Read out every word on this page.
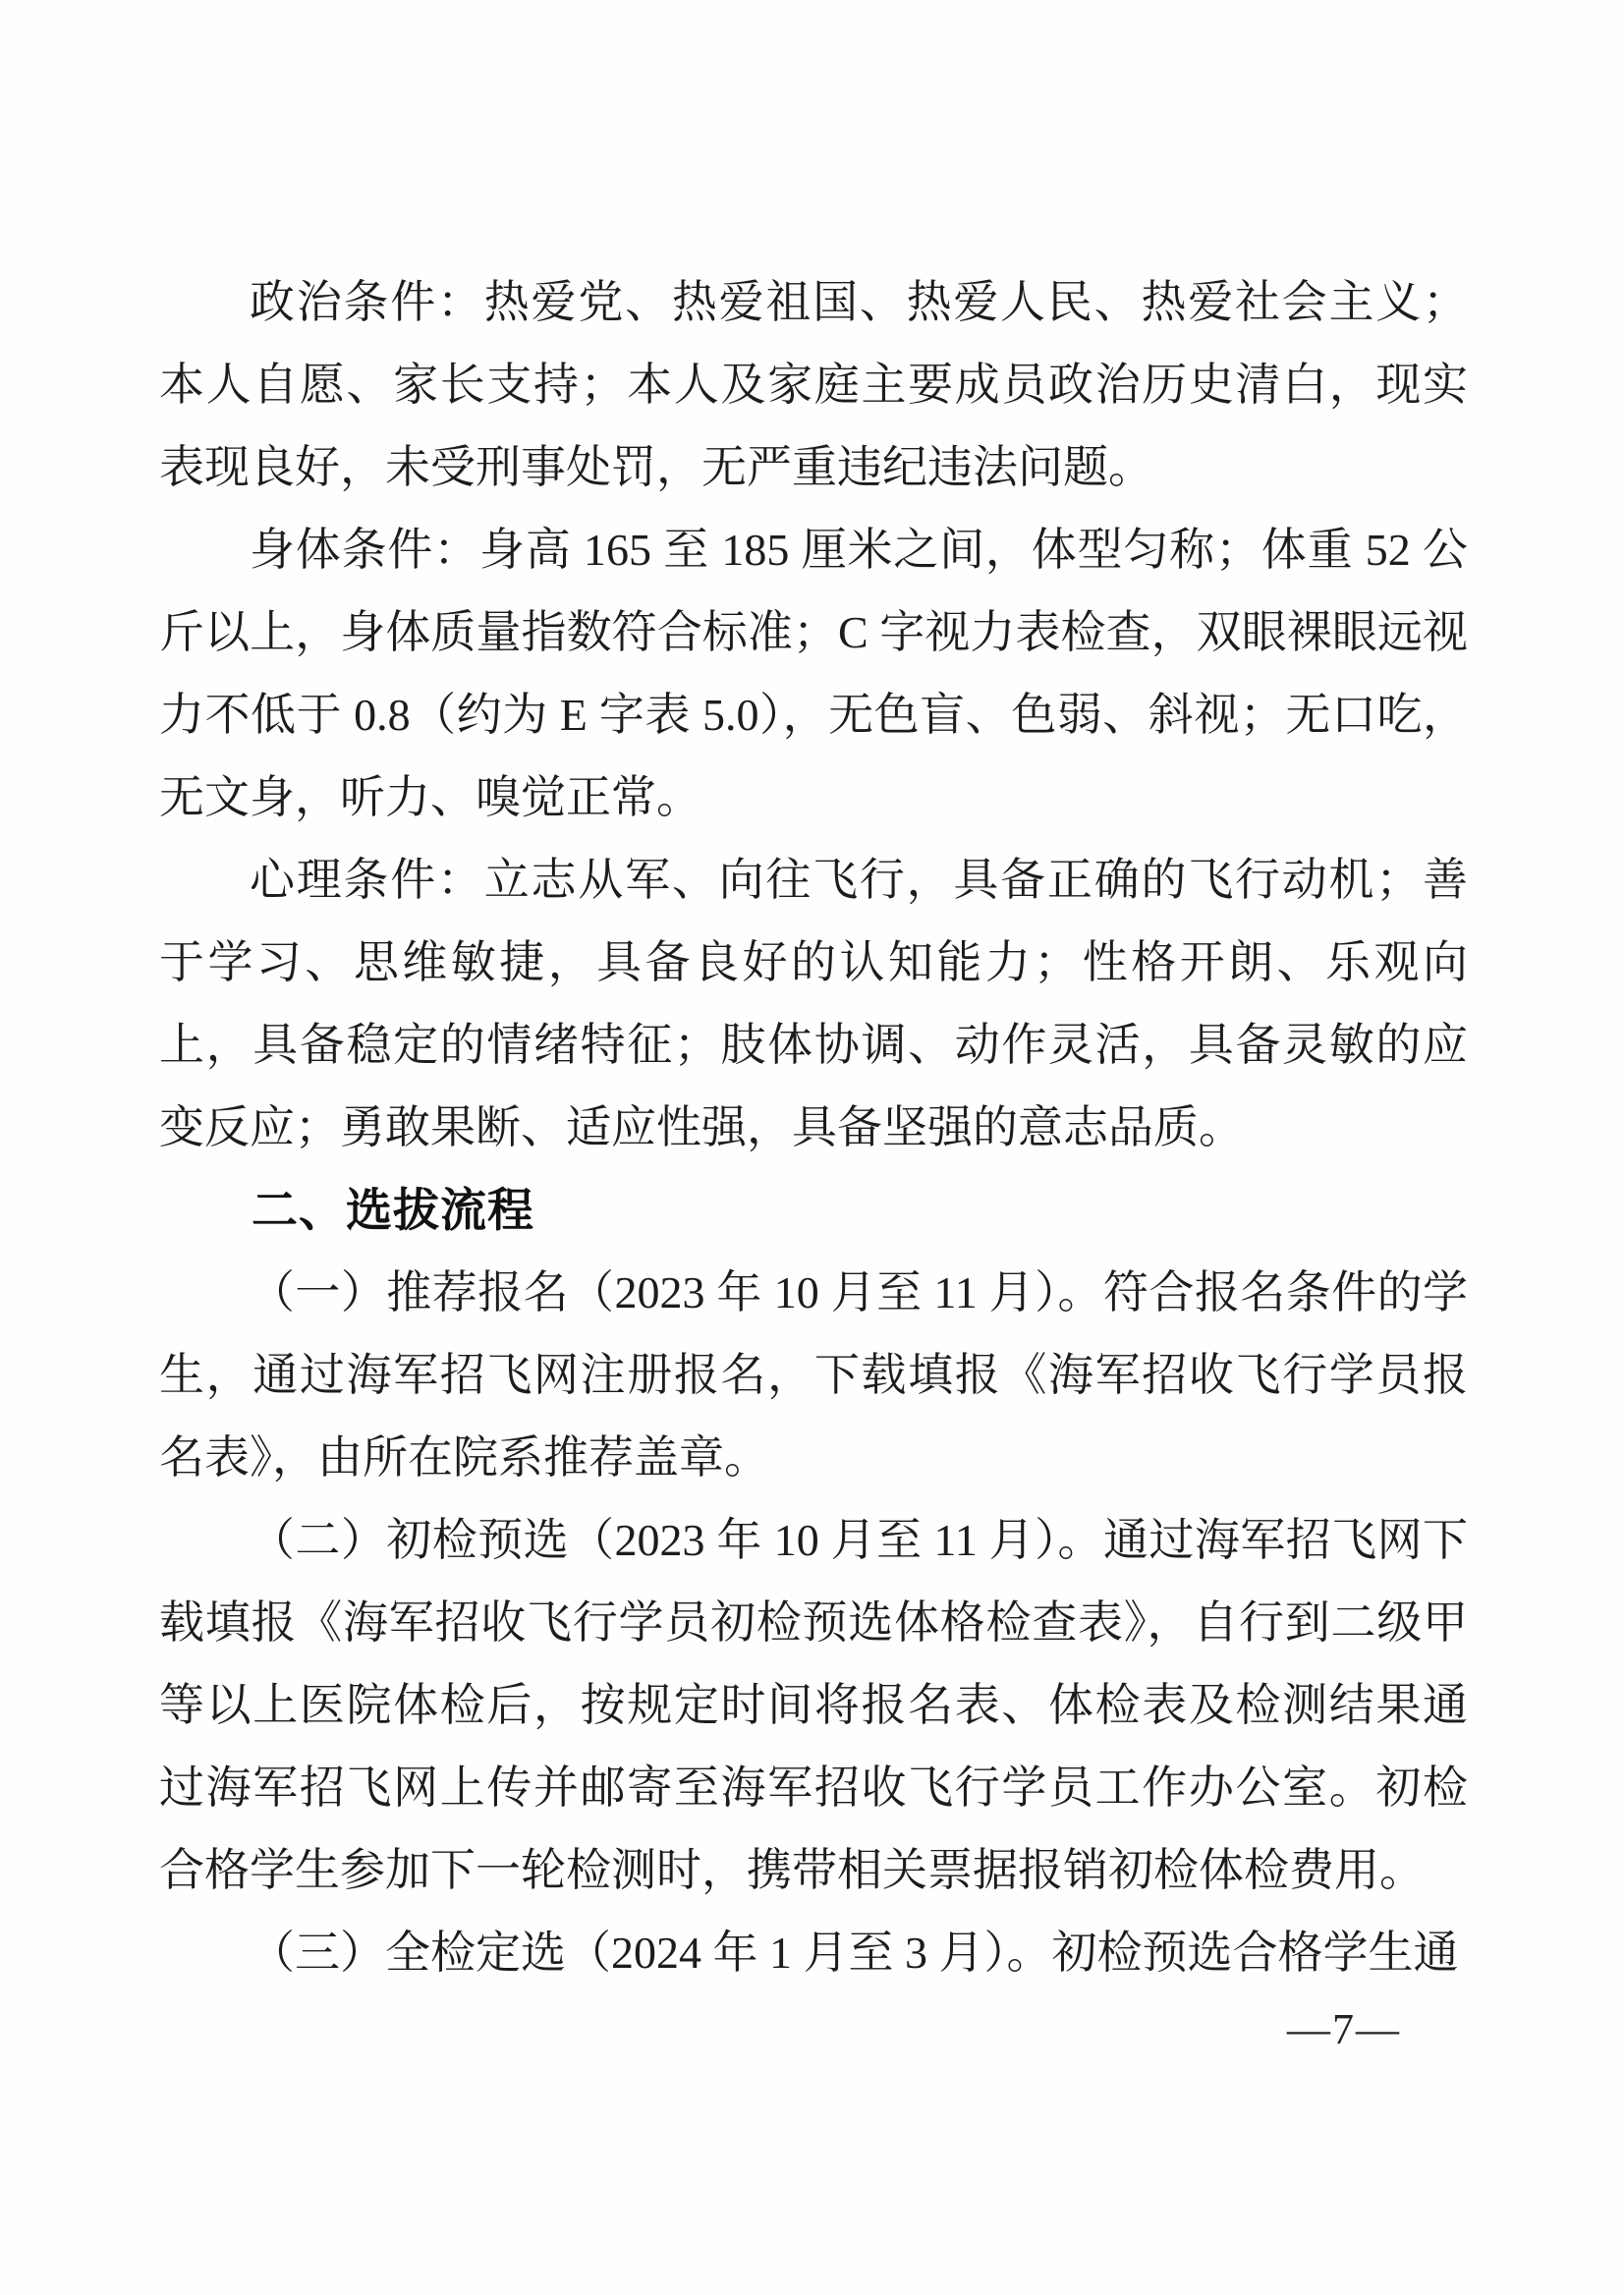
政治条件：热爱党、热爱祖国、热爱人民、热爱社会主义；本人自愿、家长支持；本人及家庭主要成员政治历史清白，现实表现良好，未受刑事处罚，无严重违纪违法问题。

身体条件：身高 165 至 185 厘米之间，体型匀称；体重 52 公斤以上，身体质量指数符合标准；C 字视力表检查，双眼裸眼远视力不低于 0.8（约为 E 字表 5.0），无色盲、色弱、斜视；无口吃，无文身，听力、嗅觉正常。

心理条件：立志从军、向往飞行，具备正确的飞行动机；善于学习、思维敏捷，具备良好的认知能力；性格开朗、乐观向上，具备稳定的情绪特征；肢体协调、动作灵活，具备灵敏的应变反应；勇敢果断、适应性强，具备坚强的意志品质。

二、选拔流程

（一）推荐报名（2023 年 10 月至 11 月）。符合报名条件的学生，通过海军招飞网注册报名，下载填报《海军招收飞行学员报名表》，由所在院系推荐盖章。

（二）初检预选（2023 年 10 月至 11 月）。通过海军招飞网下载填报《海军招收飞行学员初检预选体格检查表》，自行到二级甲等以上医院体检后，按规定时间将报名表、体检表及检测结果通过海军招飞网上传并邮寄至海军招收飞行学员工作办公室。初检合格学生参加下一轮检测时，携带相关票据报销初检体检费用。

（三）全检定选（2024 年 1 月至 3 月）。初检预选合格学生通

—7—
